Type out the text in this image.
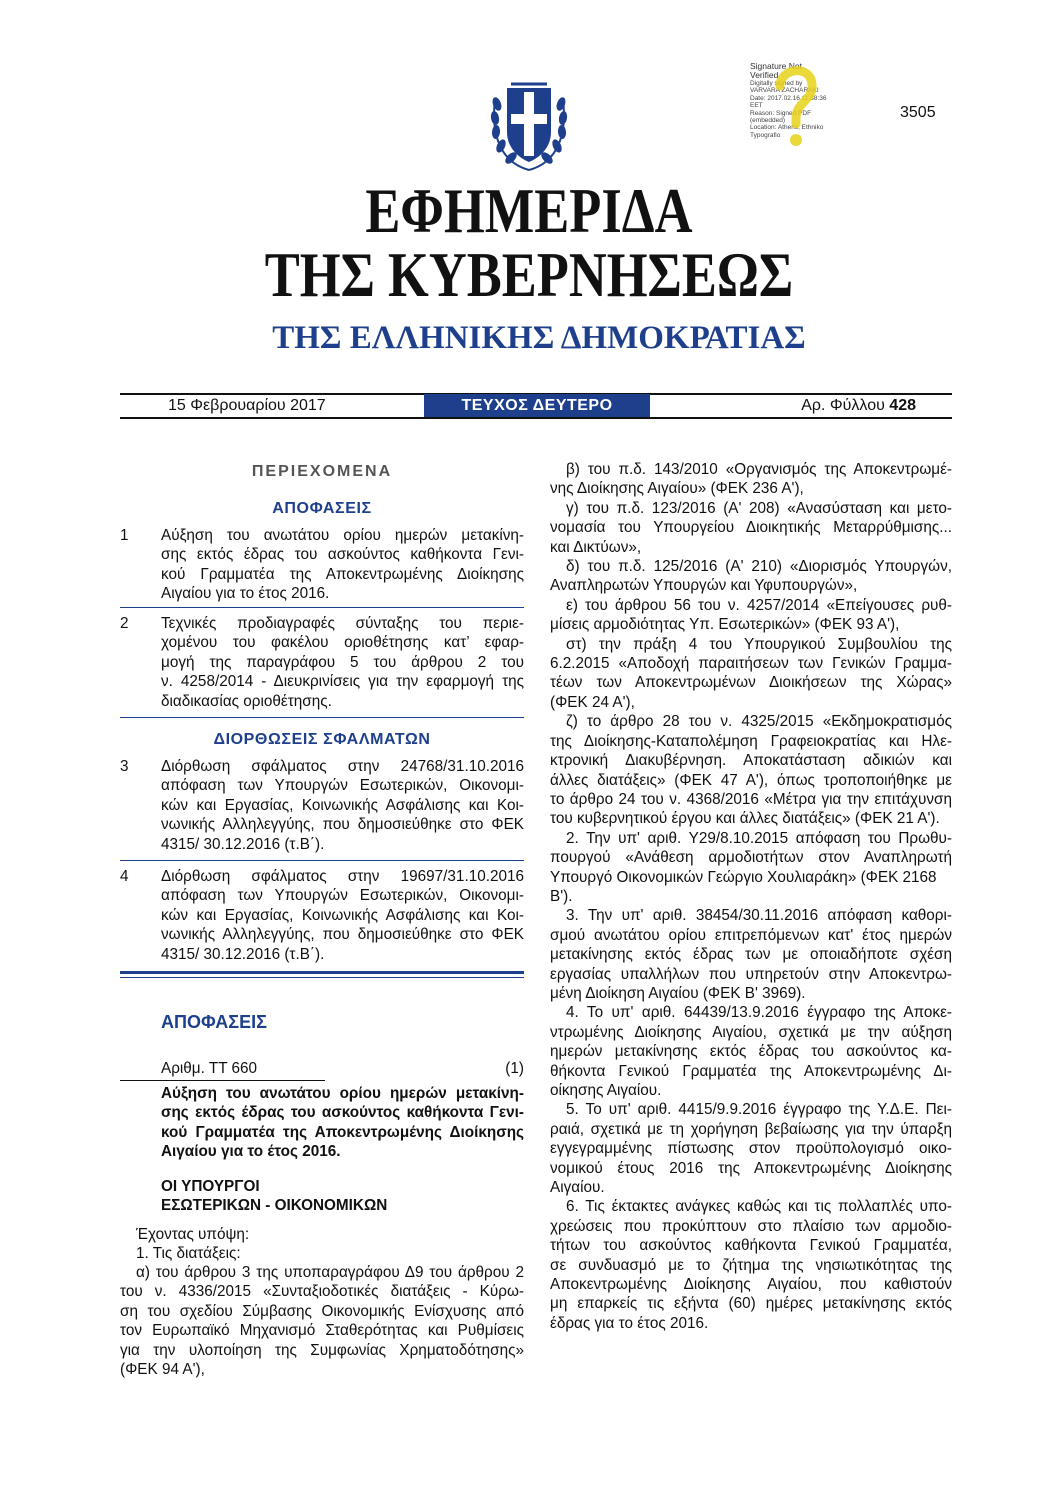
Signature Not
Verified
Digitally signed by
VARVARA ZACHARAKI
Date: 2017.02.16 11:38:36
EET
Reason: Signed PDF
(embedded)
Location: Athens, Ethniko
Typografio
3505
ΕΦΗΜΕΡΙΔΑ
ΤΗΣ ΚΥΒΕΡΝΗΣΕΩΣ
ΤΗΣ ΕΛΛΗΝΙΚΗΣ ΔΗΜΟΚΡΑΤΙΑΣ
15 Φεβρουαρίου 2017	ΤΕΥΧΟΣ ΔΕΥΤΕΡΟ	Αρ. Φύλλου 428
ΠΕΡΙΕΧΟΜΕΝΑ
ΑΠΟΦΑΣΕΙΣ
1 Αύξηση του ανωτάτου ορίου ημερών μετακίνη-
σης εκτός έδρας του ασκούντος καθήκοντα Γενι-
κού Γραμματέα της Αποκεντρωμένης Διοίκησης
Αιγαίου για το έτος 2016.
2 Τεχνικές προδιαγραφές σύνταξης του περιε-
χομένου του φακέλου οριοθέτησης κατ’ εφαρ-
μογή της παραγράφου 5 του άρθρου 2 του
ν. 4258/2014 - Διευκρινίσεις για την εφαρμογή της
διαδικασίας οριοθέτησης.
ΔΙΟΡΘΩΣΕΙΣ ΣΦΑΛΜΑΤΩΝ
3 Διόρθωση σφάλματος στην 24768/31.10.2016
απόφαση των Υπουργών Εσωτερικών, Οικονομι-
κών και Εργασίας, Κοινωνικής Ασφάλισης και Κοι-
νωνικής Αλληλεγγύης, που δημοσιεύθηκε στο ΦΕΚ
4315/ 30.12.2016 (τ.Β΄).
4 Διόρθωση σφάλματος στην 19697/31.10.2016
απόφαση των Υπουργών Εσωτερικών, Οικονομι-
κών και Εργασίας, Κοινωνικής Ασφάλισης και Κοι-
νωνικής Αλληλεγγύης, που δημοσιεύθηκε στο ΦΕΚ
4315/ 30.12.2016 (τ.Β΄).
ΑΠΟΦΑΣΕΙΣ
Αριθμ. ΤΤ 660	(1)
Αύξηση του ανωτάτου ορίου ημερών μετακίνη-
σης εκτός έδρας του ασκούντος καθήκοντα Γενι-
κού Γραμματέα της Αποκεντρωμένης Διοίκησης
Αιγαίου για το έτος 2016.
ΟΙ ΥΠΟΥΡΓΟΙ
ΕΣΩΤΕΡΙΚΩΝ - ΟΙΚΟΝΟΜΙΚΩΝ
Έχοντας υπόψη:
1. Τις διατάξεις:
α) του άρθρου 3 της υποπαραγράφου Δ9 του άρθρου 2
του ν. 4336/2015 «Συνταξιοδοτικές διατάξεις - Κύρω-
ση του σχεδίου Σύμβασης Οικονομικής Ενίσχυσης από
τον Ευρωπαϊκό Μηχανισμό Σταθερότητας και Ρυθμίσεις
για την υλοποίηση της Συμφωνίας Χρηματοδότησης»
(ΦΕΚ 94 Α'),
β) του π.δ. 143/2010 «Οργανισμός της Αποκεντρωμέ-
νης Διοίκησης Αιγαίου» (ΦΕΚ 236 Α'),
γ) του π.δ. 123/2016 (Α' 208) «Ανασύσταση και μετο-
νομασία του Υπουργείου Διοικητικής Μεταρρύθμισης...
και Δικτύων»,
δ) του π.δ. 125/2016 (Α' 210) «Διορισμός Υπουργών,
Αναπληρωτών Υπουργών και Υφυπουργών»,
ε) του άρθρου 56 του ν. 4257/2014 «Επείγουσες ρυθ-
μίσεις αρμοδιότητας Υπ. Εσωτερικών» (ΦΕΚ 93 Α'),
στ) την πράξη 4 του Υπουργικού Συμβουλίου της
6.2.2015 «Αποδοχή παραιτήσεων των Γενικών Γραμμα-
τέων των Αποκεντρωμένων Διοικήσεων της Χώρας»
(ΦΕΚ 24 Α'),
ζ) το άρθρο 28 του ν. 4325/2015 «Εκδημοκρατισμός
της Διοίκησης-Καταπολέμηση Γραφειοκρατίας και Ηλε-
κτρονική Διακυβέρνηση. Αποκατάσταση αδικιών και
άλλες διατάξεις» (ΦΕΚ 47 Α'), όπως τροποποιήθηκε με
το άρθρο 24 του ν. 4368/2016 «Μέτρα για την επιτάχυνση
του κυβερνητικού έργου και άλλες διατάξεις» (ΦΕΚ 21 Α').
2. Την υπ' αριθ. Υ29/8.10.2015 απόφαση του Πρωθυ-
πουργού «Ανάθεση αρμοδιοτήτων στον Αναπληρωτή
Υπουργό Οικονομικών Γεώργιο Χουλιαράκη» (ΦΕΚ 2168 Β').
3. Την υπ' αριθ. 38454/30.11.2016 απόφαση καθορι-
σμού ανωτάτου ορίου επιτρεπόμενων κατ' έτος ημερών
μετακίνησης εκτός έδρας των με οποιαδήποτε σχέση
εργασίας υπαλλήλων που υπηρετούν στην Αποκεντρω-
μένη Διοίκηση Αιγαίου (ΦΕΚ Β' 3969).
4. Το υπ' αριθ. 64439/13.9.2016 έγγραφο της Αποκε-
ντρωμένης Διοίκησης Αιγαίου, σχετικά με την αύξηση
ημερών μετακίνησης εκτός έδρας του ασκούντος κα-
θήκοντα Γενικού Γραμματέα της Αποκεντρωμένης Δι-
οίκησης Αιγαίου.
5. Το υπ' αριθ. 4415/9.9.2016 έγγραφο της Υ.Δ.Ε. Πει-
ραιά, σχετικά με τη χορήγηση βεβαίωσης για την ύπαρξη
εγγεγραμμένης πίστωσης στον προϋπολογισμό οικο-
νομικού έτους 2016 της Αποκεντρωμένης Διοίκησης
Αιγαίου.
6. Τις έκτακτες ανάγκες καθώς και τις πολλαπλές υπο-
χρεώσεις που προκύπτουν στο πλαίσιο των αρμοδιο-
τήτων του ασκούντος καθήκοντα Γενικού Γραμματέα,
σε συνδυασμό με το ζήτημα της νησιωτικότητας της
Αποκεντρωμένης Διοίκησης Αιγαίου, που καθιστούν
μη επαρκείς τις εξήντα (60) ημέρες μετακίνησης εκτός
έδρας για το έτος 2016.
